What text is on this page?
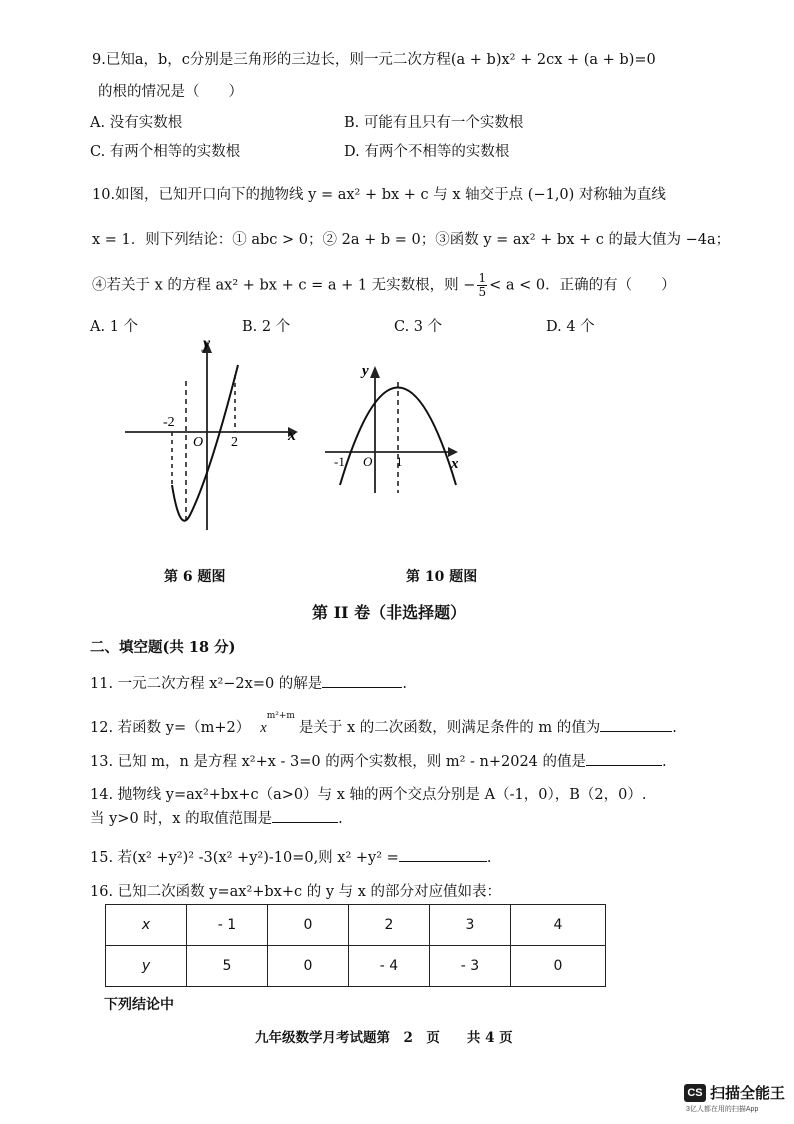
9.已知a，b，c分别是三角形的三边长，则一元二次方程(a + b)x² + 2cx + (a + b)=0
的根的情况是（　　）
A. 没有实数根	B. 可能有且只有一个实数根
C. 有两个相等的实数根	D. 有两个不相等的实数根
10.如图，已知开口向下的抛物线 y = ax² + bx + c 与 x 轴交于点 (−1,0) 对称轴为直线
x = 1．则下列结论：① abc > 0；② 2a + b = 0；③函数 y = ax² + bx + c 的最大值为 −4a；
④若关于 x 的方程 ax² + bx + c = a + 1 无实数根，则 − $\frac{1}{5} < a < 0$．正确的有（　　）
A. 1 个	B. 2 个	C. 3 个	D. 4 个
y
x
-2
O 2
y
x
-1 O 1
第 6 题图	第 10 题图
第 II 卷（非选择题）
二、填空题(共 18 分)
11. 一元二次方程 x²−2x=0 的解是	.
12. 若函数 y=（m+2） $x^{m^2+m}$是关于 x 的二次函数，则满足条件的 m 的值为	.
13. 已知 m，n 是方程 x²+x - 3=0 的两个实数根，则 m² - n+2024 的值是	.
14. 抛物线 y=ax²+bx+c（a>0）与 x 轴的两个交点分别是 A（-1，0），B（2，0）.
当 y>0 时，x 的取值范围是	.
15. 若(x² +y²)² -3(x² +y²)-10=0,则 x² +y² =	.
16. 已知二次函数 y=ax²+bx+c 的 y 与 x 的部分对应值如表：
x	- 1	0	2	3	4
y	5	0	- 4	- 3	0
下列结论中
九年级数学月考试题第　2　页　　共 4 页
CS 扫描全能王
3亿人都在用的扫描App
